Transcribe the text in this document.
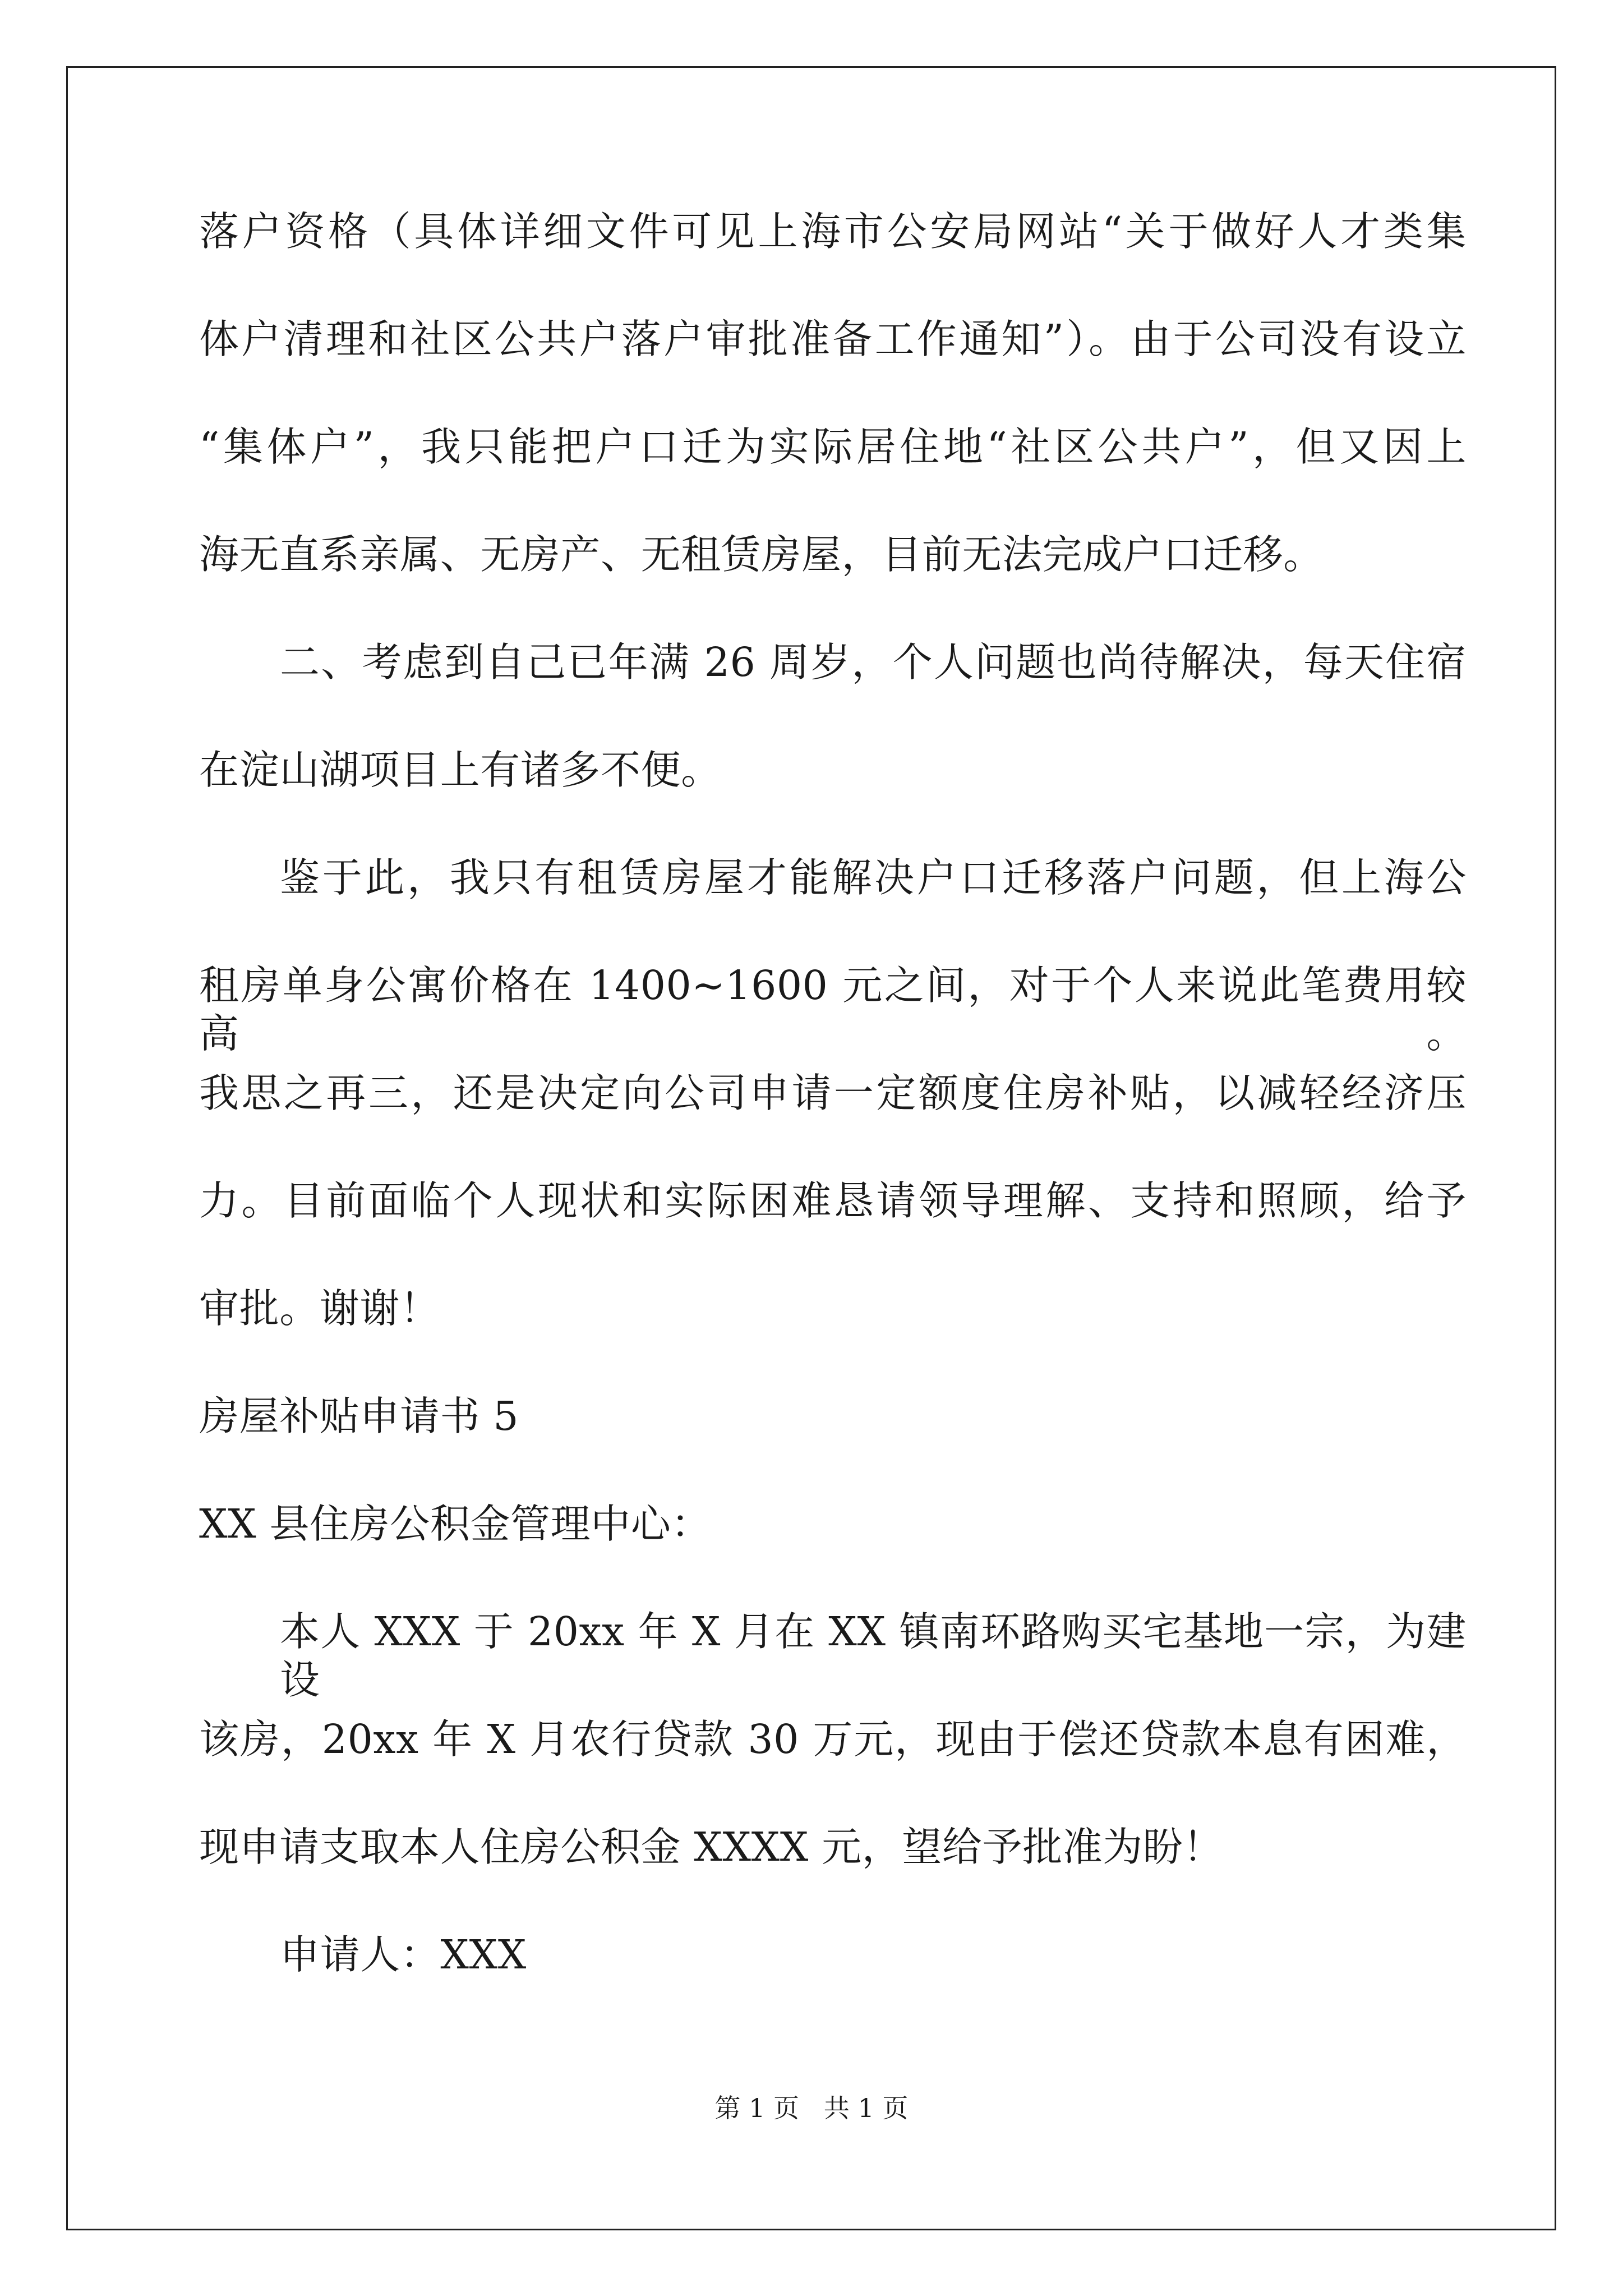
落户资格（具体详细文件可见上海市公安局网站“关于做好人才类集
体户清理和社区公共户落户审批准备工作通知”）。由于公司没有设立
“集体户”，我只能把户口迁为实际居住地“社区公共户”，但又因上
海无直系亲属、无房产、无租赁房屋，目前无法完成户口迁移。
二、考虑到自己已年满 26 周岁，个人问题也尚待解决，每天住宿
在淀山湖项目上有诸多不便。
鉴于此，我只有租赁房屋才能解决户口迁移落户问题，但上海公
租房单身公寓价格在 1400~1600 元之间，对于个人来说此笔费用较高。
我思之再三，还是决定向公司申请一定额度住房补贴，以减轻经济压
力。目前面临个人现状和实际困难恳请领导理解、支持和照顾，给予
审批。谢谢！
房屋补贴申请书 5
XX 县住房公积金管理中心：
本人 XXX 于 20xx 年 X 月在 XX 镇南环路购买宅基地一宗，为建设
该房，20xx 年 X 月农行贷款 30 万元，现由于偿还贷款本息有困难，
现申请支取本人住房公积金 XXXX 元，望给予批准为盼！
申请人：XXX
第 1 页   共 1 页
